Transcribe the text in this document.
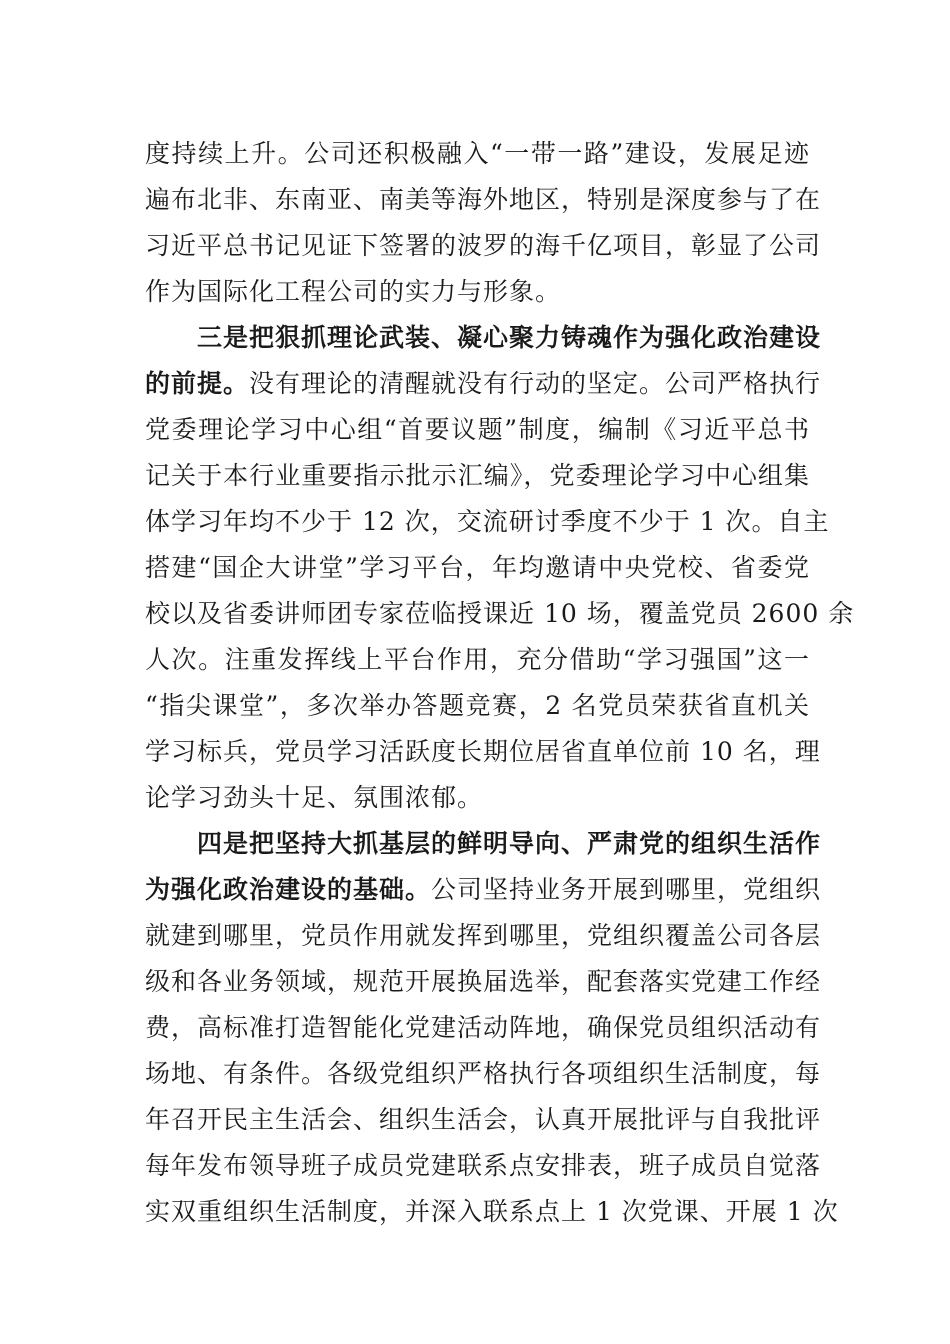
度持续上升。公司还积极融入“一带一路”建设，发展足迹
遍布北非、东南亚、南美等海外地区，特别是深度参与了在
习近平总书记见证下签署的波罗的海千亿项目，彰显了公司
作为国际化工程公司的实力与形象。
三是把狠抓理论武装、凝心聚力铸魂作为强化政治建设
的前提。没有理论的清醒就没有行动的坚定。公司严格执行
党委理论学习中心组“首要议题”制度，编制《习近平总书
记关于本行业重要指示批示汇编》，党委理论学习中心组集
体学习年均不少于 12 次，交流研讨季度不少于 1 次。自主
搭建“国企大讲堂”学习平台，年均邀请中央党校、省委党
校以及省委讲师团专家莅临授课近 10 场，覆盖党员 2600 余
人次。注重发挥线上平台作用，充分借助“学习强国”这一
“指尖课堂”，多次举办答题竞赛，2 名党员荣获省直机关
学习标兵，党员学习活跃度长期位居省直单位前 10 名，理
论学习劲头十足、氛围浓郁。
四是把坚持大抓基层的鲜明导向、严肃党的组织生活作
为强化政治建设的基础。公司坚持业务开展到哪里，党组织
就建到哪里，党员作用就发挥到哪里，党组织覆盖公司各层
级和各业务领域，规范开展换届选举，配套落实党建工作经
费，高标准打造智能化党建活动阵地，确保党员组织活动有
场地、有条件。各级党组织严格执行各项组织生活制度，每
年召开民主生活会、组织生活会，认真开展批评与自我批评
每年发布领导班子成员党建联系点安排表，班子成员自觉落
实双重组织生活制度，并深入联系点上 1 次党课、开展 1 次
